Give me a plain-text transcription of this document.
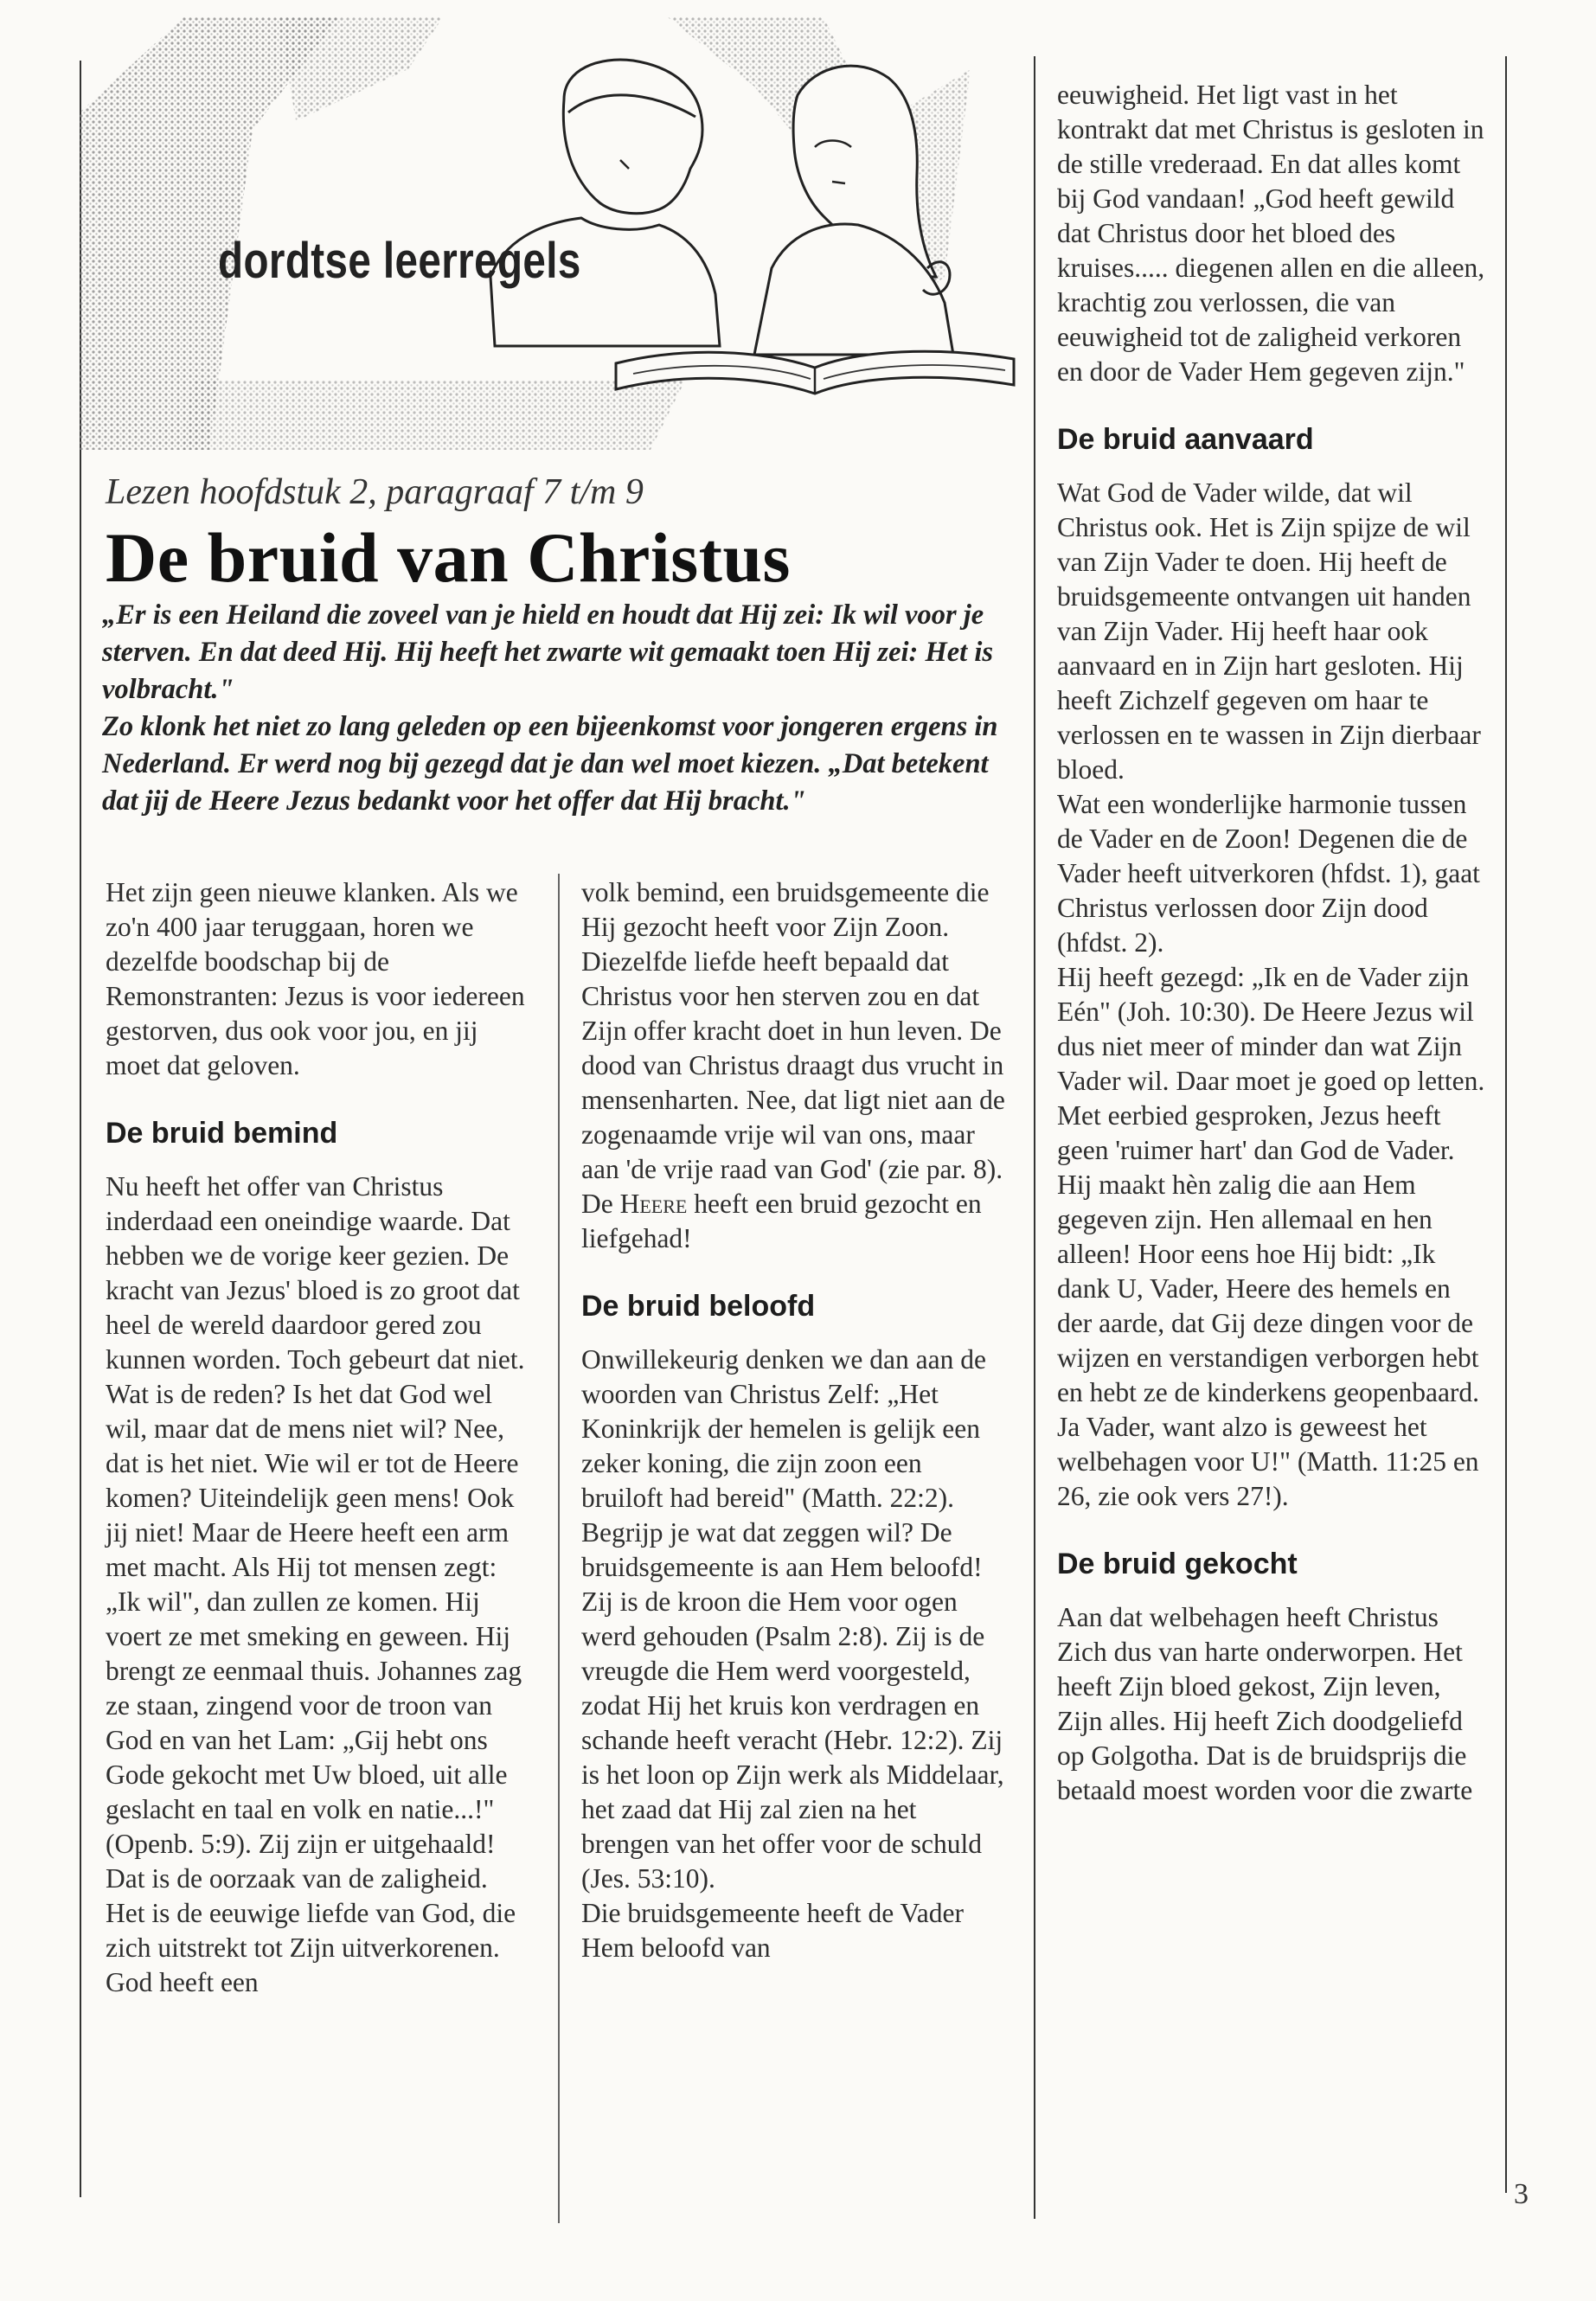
dordtse leerregels
Lezen hoofdstuk 2, paragraaf 7 t/m 9
De bruid van Christus

„Er is een Heiland die zoveel van je hield en houdt dat Hij zei: Ik wil voor je sterven. En dat deed Hij. Hij heeft het zwarte wit gemaakt toen Hij zei: Het is volbracht."

Zo klonk het niet zo lang geleden op een bijeenkomst voor jongeren ergens in Nederland. Er werd nog bij gezegd dat je dan wel moet kiezen. „Dat betekent dat jij de Heere Jezus bedankt voor het offer dat Hij bracht."

Het zijn geen nieuwe klanken. Als we zo'n 400 jaar teruggaan, horen we dezelfde boodschap bij de Remonstranten: Jezus is voor iedereen gestorven, dus ook voor jou, en jij moet dat geloven.

De bruid bemind

Nu heeft het offer van Christus inderdaad een oneindige waarde. Dat hebben we de vorige keer gezien. De kracht van Jezus' bloed is zo groot dat heel de wereld daardoor gered zou kunnen worden. Toch gebeurt dat niet. Wat is de reden? Is het dat God wel wil, maar dat de mens niet wil? Nee, dat is het niet. Wie wil er tot de Heere komen? Uiteindelijk geen mens! Ook jij niet! Maar de Heere heeft een arm met macht. Als Hij tot mensen zegt: „Ik wil", dan zullen ze komen. Hij voert ze met smeking en geween. Hij brengt ze eenmaal thuis. Johannes zag ze staan, zingend voor de troon van God en van het Lam: „Gij hebt ons Gode gekocht met Uw bloed, uit alle geslacht en taal en volk en natie...!" (Openb. 5:9). Zij zijn er uitgehaald! Dat is de oorzaak van de zaligheid. Het is de eeuwige liefde van God, die zich uitstrekt tot Zijn uitverkorenen. God heeft een

volk bemind, een bruidsgemeente die Hij gezocht heeft voor Zijn Zoon. Diezelfde liefde heeft bepaald dat Christus voor hen sterven zou en dat Zijn offer kracht doet in hun leven. De dood van Christus draagt dus vrucht in mensenharten. Nee, dat ligt niet aan de zogenaamde vrije wil van ons, maar aan 'de vrije raad van God' (zie par. 8). De Heere heeft een bruid gezocht en liefgehad!

De bruid beloofd

Onwillekeurig denken we dan aan de woorden van Christus Zelf: „Het Koninkrijk der hemelen is gelijk een zeker koning, die zijn zoon een bruiloft had bereid" (Matth. 22:2). Begrijp je wat dat zeggen wil? De bruidsgemeente is aan Hem beloofd! Zij is de kroon die Hem voor ogen werd gehouden (Psalm 2:8). Zij is de vreugde die Hem werd voorgesteld, zodat Hij het kruis kon verdragen en schande heeft veracht (Hebr. 12:2). Zij is het loon op Zijn werk als Middelaar, het zaad dat Hij zal zien na het brengen van het offer voor de schuld (Jes. 53:10).

Die bruidsgemeente heeft de Vader Hem beloofd van

eeuwigheid. Het ligt vast in het kontrakt dat met Christus is gesloten in de stille vrederaad. En dat alles komt bij God vandaan! „God heeft gewild dat Christus door het bloed des kruises..... diegenen allen en die alleen, krachtig zou verlossen, die van eeuwigheid tot de zaligheid verkoren en door de Vader Hem gegeven zijn."

De bruid aanvaard

Wat God de Vader wilde, dat wil Christus ook. Het is Zijn spijze de wil van Zijn Vader te doen. Hij heeft de bruidsgemeente ontvangen uit handen van Zijn Vader. Hij heeft haar ook aanvaard en in Zijn hart gesloten. Hij heeft Zichzelf gegeven om haar te verlossen en te wassen in Zijn dierbaar bloed.

Wat een wonderlijke harmonie tussen de Vader en de Zoon! Degenen die de Vader heeft uitverkoren (hfdst. 1), gaat Christus verlossen door Zijn dood (hfdst. 2).

Hij heeft gezegd: „Ik en de Vader zijn Eén" (Joh. 10:30). De Heere Jezus wil dus niet meer of minder dan wat Zijn Vader wil. Daar moet je goed op letten. Met eerbied gesproken, Jezus heeft geen 'ruimer hart' dan God de Vader. Hij maakt hèn zalig die aan Hem gegeven zijn. Hen allemaal en hen alleen! Hoor eens hoe Hij bidt: „Ik dank U, Vader, Heere des hemels en der aarde, dat Gij deze dingen voor de wijzen en verstandigen verborgen hebt en hebt ze de kinderkens geopenbaard. Ja Vader, want alzo is geweest het welbehagen voor U!" (Matth. 11:25 en 26, zie ook vers 27!).

De bruid gekocht

Aan dat welbehagen heeft Christus Zich dus van harte onderworpen. Het heeft Zijn bloed gekost, Zijn leven, Zijn alles. Hij heeft Zich doodgeliefd op Golgotha. Dat is de bruidsprijs die betaald moest worden voor die zwarte

3
